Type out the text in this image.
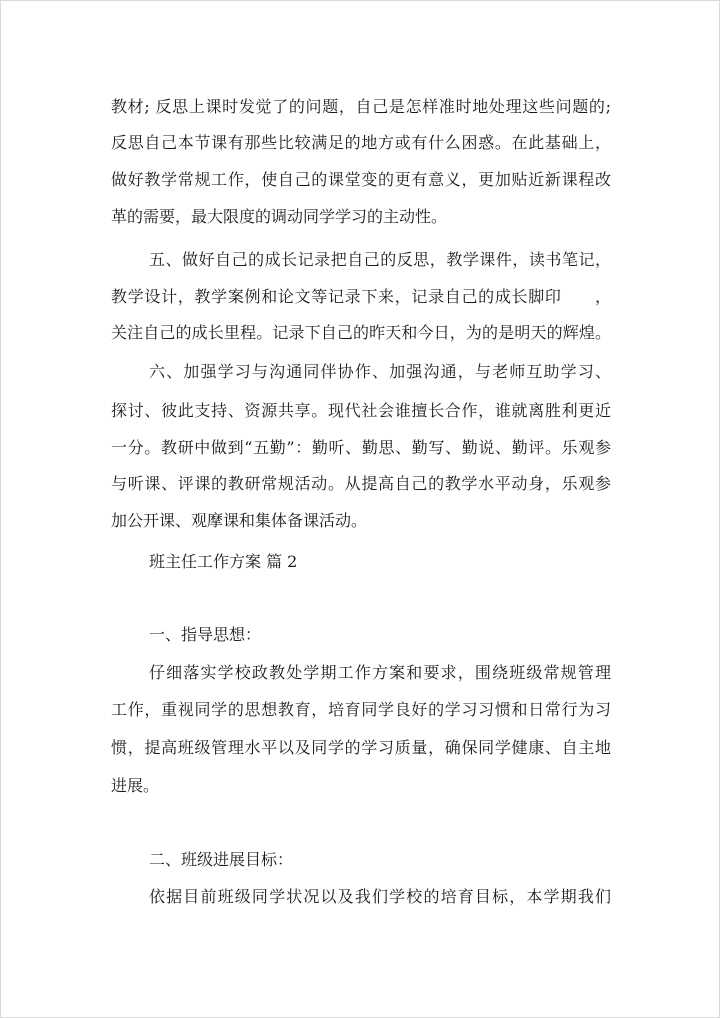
教材; 反思上课时发觉了的问题，自己是怎样准时地处理这些问题的;
反思自己本节课有那些比较满足的地方或有什么困惑。在此基础上，
做好教学常规工作，使自己的课堂变的更有意义，更加贴近新课程改
革的需要，最大限度的调动同学学习的主动性。
五、做好自己的成长记录把自己的反思，教学课件，读书笔记，
教学设计，教学案例和论文等记录下来，记录自己的成长脚印　　，
关注自己的成长里程。记录下自己的昨天和今日，为的是明天的辉煌。
六、加强学习与沟通同伴协作、加强沟通，与老师互助学习、
探讨、彼此支持、资源共享。现代社会谁擅长合作，谁就离胜利更近
一分。教研中做到“五勤”：勤听、勤思、勤写、勤说、勤评。乐观参
与听课、评课的教研常规活动。从提高自己的教学水平动身，乐观参
加公开课、观摩课和集体备课活动。
班主任工作方案 篇 2
一、指导思想：
仔细落实学校政教处学期工作方案和要求，围绕班级常规管理
工作，重视同学的思想教育，培育同学良好的学习习惯和日常行为习
惯，提高班级管理水平以及同学的学习质量，确保同学健康、自主地
进展。
二、班级进展目标：
依据目前班级同学状况以及我们学校的培育目标，本学期我们
